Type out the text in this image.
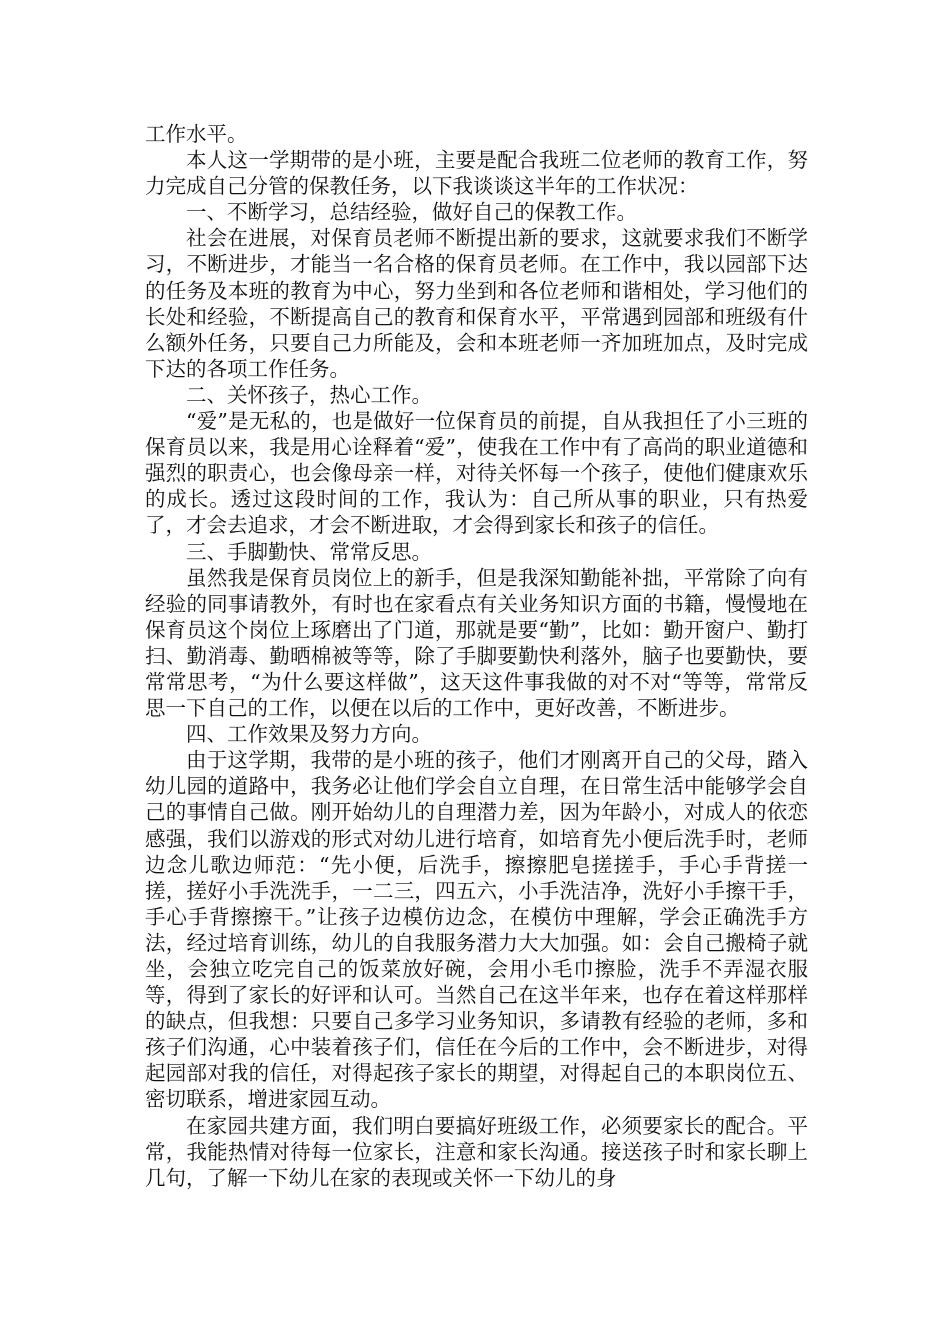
工作水平。

本人这一学期带的是小班，主要是配合我班二位老师的教育工作，努力完成自己分管的保教任务，以下我谈谈这半年的工作状况：

一、不断学习，总结经验，做好自己的保教工作。

社会在进展，对保育员老师不断提出新的要求，这就要求我们不断学习，不断进步，才能当一名合格的保育员老师。在工作中，我以园部下达的任务及本班的教育为中心，努力坐到和各位老师和谐相处，学习他们的长处和经验，不断提高自己的教育和保育水平，平常遇到园部和班级有什么额外任务，只要自己力所能及，会和本班老师一齐加班加点，及时完成下达的各项工作任务。

二、关怀孩子，热心工作。

“爱”是无私的，也是做好一位保育员的前提，自从我担任了小三班的保育员以来，我是用心诠释着“爱”，使我在工作中有了高尚的职业道德和强烈的职责心，也会像母亲一样，对待关怀每一个孩子，使他们健康欢乐的成长。透过这段时间的工作，我认为：自己所从事的职业，只有热爱了，才会去追求，才会不断进取，才会得到家长和孩子的信任。

三、手脚勤快、常常反思。

虽然我是保育员岗位上的新手，但是我深知勤能补拙，平常除了向有经验的同事请教外，有时也在家看点有关业务知识方面的书籍，慢慢地在保育员这个岗位上琢磨出了门道，那就是要“勤”，比如：勤开窗户、勤打扫、勤消毒、勤晒棉被等等，除了手脚要勤快利落外，脑子也要勤快，要常常思考，“为什么要这样做”，这天这件事我做的对不对“等等，常常反思一下自己的工作，以便在以后的工作中，更好改善，不断进步。

四、工作效果及努力方向。

由于这学期，我带的是小班的孩子，他们才刚离开自己的父母，踏入幼儿园的道路中，我务必让他们学会自立自理，在日常生活中能够学会自己的事情自己做。刚开始幼儿的自理潜力差，因为年龄小，对成人的依恋感强，我们以游戏的形式对幼儿进行培育，如培育先小便后洗手时，老师边念儿歌边师范：“先小便，后洗手，擦擦肥皂搓搓手，手心手背搓一搓，搓好小手洗洗手，一二三，四五六，小手洗洁净，洗好小手擦干手，手心手背擦擦干。”让孩子边模仿边念，在模仿中理解，学会正确洗手方法，经过培育训练，幼儿的自我服务潜力大大加强。如：会自己搬椅子就坐，会独立吃完自己的饭菜放好碗，会用小毛巾擦脸，洗手不弄湿衣服等，得到了家长的好评和认可。当然自己在这半年来，也存在着这样那样的缺点，但我想：只要自己多学习业务知识，多请教有经验的老师，多和孩子们沟通，心中装着孩子们，信任在今后的工作中，会不断进步，对得起园部对我的信任，对得起孩子家长的期望，对得起自己的本职岗位五、密切联系，增进家园互动。

在家园共建方面，我们明白要搞好班级工作，必须要家长的配合。平常，我能热情对待每一位家长，注意和家长沟通。接送孩子时和家长聊上几句，了解一下幼儿在家的表现或关怀一下幼儿的身
